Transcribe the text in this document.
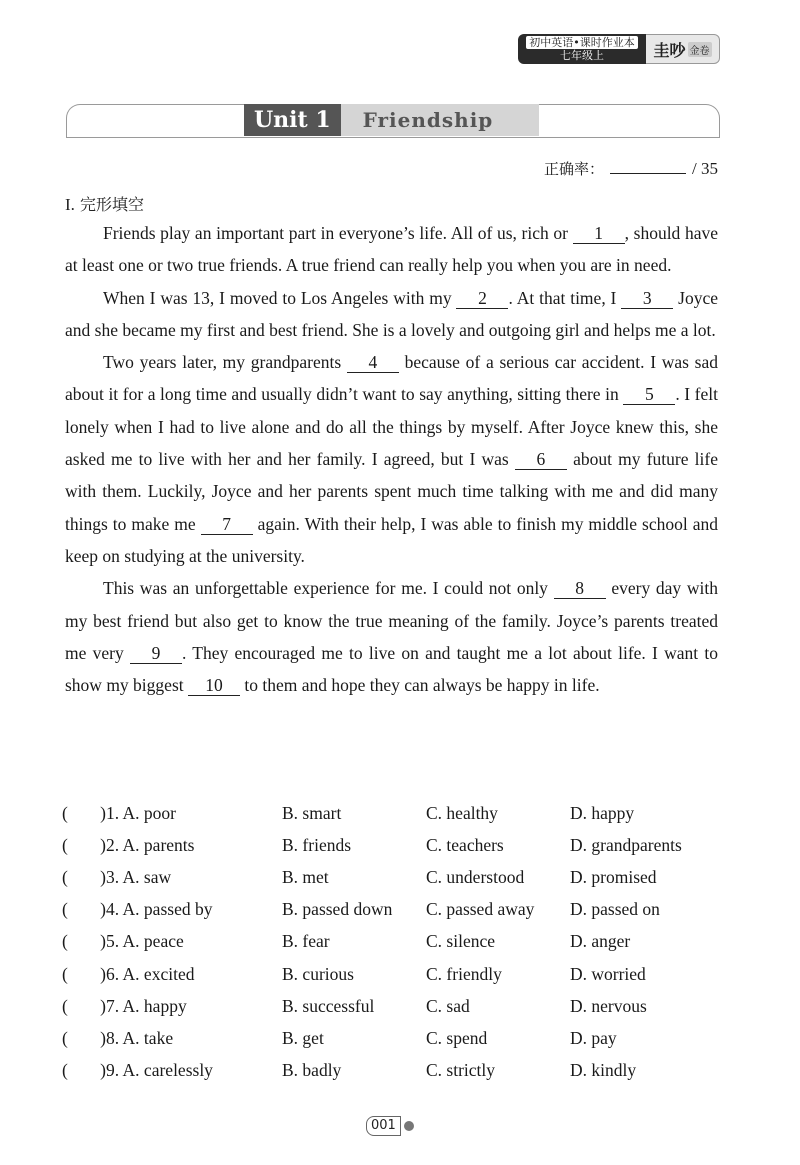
初中英语•课时作业本
七年级上	圭吵 金卷
Unit 1	Friendship
正确率：	/ 35
I. 完形填空

Friends play an important part in everyone’s life. All of us, rich or 1 , should have at least one or two true friends. A true friend can really help you when you are in need.

When I was 13, I moved to Los Angeles with my 2 . At that time, I 3 Joyce and she became my first and best friend. She is a lovely and outgoing girl and helps me a lot.

Two years later, my grandparents 4 because of a serious car accident. I was sad about it for a long time and usually didn’t want to say anything, sitting there in 5 . I felt lonely when I had to live alone and do all the things by myself. After Joyce knew this, she asked me to live with her and her family. I agreed, but I was 6 about my future life with them. Luckily, Joyce and her parents spent much time talking with me and did many things to make me 7 again. With their help, I was able to finish my middle school and keep on studying at the university.

This was an unforgettable experience for me. I could not only 8 every day with my best friend but also get to know the true meaning of the family. Joyce’s parents treated me very 9 . They encouraged me to live on and taught me a lot about life. I want to show my biggest 10 to them and hope they can always be happy in life.

( ) 1. A. poor	B. smart	C. healthy	D. happy
( ) 2. A. parents	B. friends	C. teachers	D. grandparents
( ) 3. A. saw	B. met	C. understood	D. promised
( ) 4. A. passed by	B. passed down	C. passed away	D. passed on
( ) 5. A. peace	B. fear	C. silence	D. anger
( ) 6. A. excited	B. curious	C. friendly	D. worried
( ) 7. A. happy	B. successful	C. sad	D. nervous
( ) 8. A. take	B. get	C. spend	D. pay
( ) 9. A. carelessly	B. badly	C. strictly	D. kindly
001
